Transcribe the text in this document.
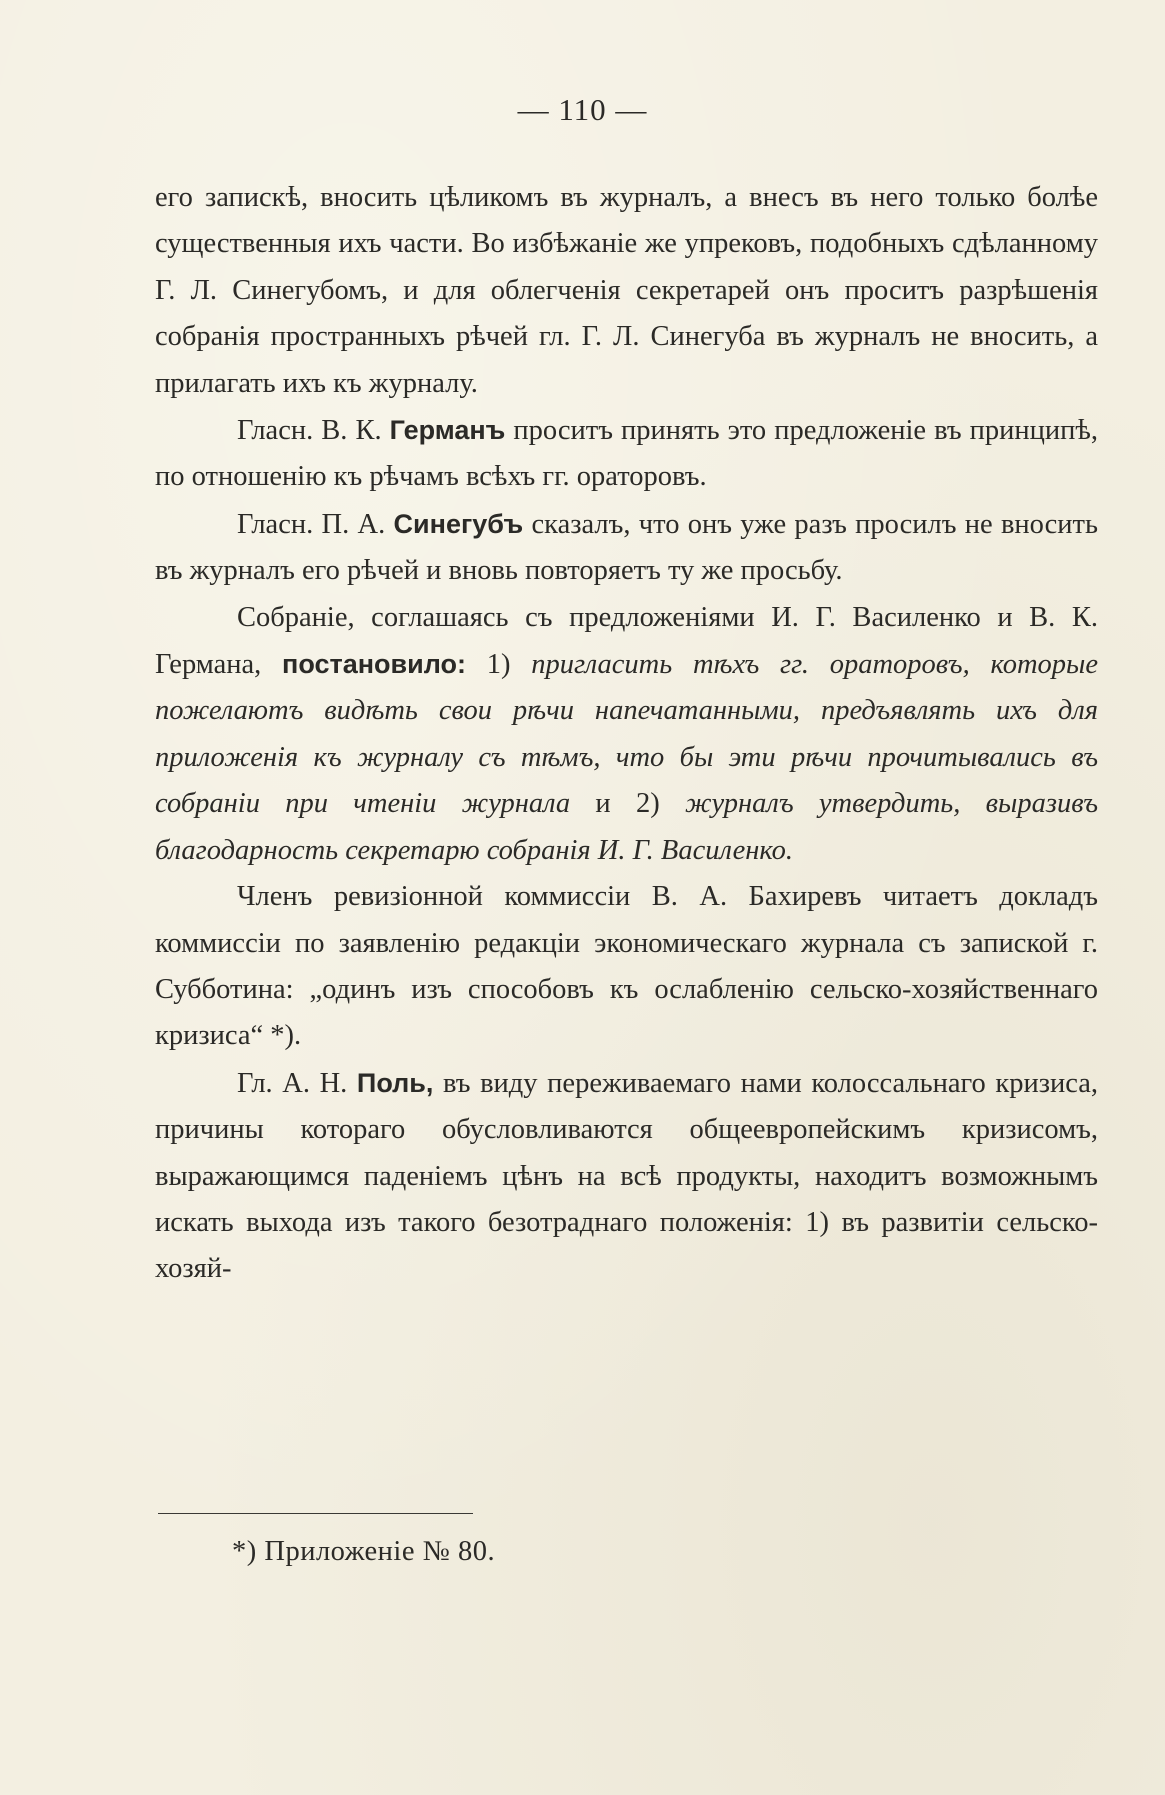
— 110 —

его запискѣ, вносить цѣликомъ въ журналъ, а внесъ въ него только болѣе существенныя ихъ части. Во избѣжаніе же упрековъ, подобныхъ сдѣланному Г. Л. Синегубомъ, и для облегченія секретарей онъ проситъ разрѣшенія собранія пространныхъ рѣчей гл. Г. Л. Синегуба въ журналъ не вносить, а прилагать ихъ къ журналу.

Гласн. В. К. Германъ проситъ принять это предложеніе въ принципѣ, по отношенію къ рѣчамъ всѣхъ гг. ораторовъ.

Гласн. П. А. Синегубъ сказалъ, что онъ уже разъ просилъ не вносить въ журналъ его рѣчей и вновь повторяетъ ту же просьбу.

Собраніе, соглашаясь съ предложеніями И. Г. Василенко и В. К. Германа, постановило: 1) пригласить тѣхъ гг. ораторовъ, которые пожелаютъ видѣть свои рѣчи напечатанными, предъявлять ихъ для приложенія къ журналу съ тѣмъ, что бы эти рѣчи прочитывались въ собраніи при чтеніи журнала и 2) журналъ утвердить, выразивъ благодарность секретарю собранія И. Г. Василенко.

Членъ ревизіонной коммиссіи В. А. Бахиревъ читаетъ докладъ коммиссіи по заявленію редакціи экономическаго журнала съ запиской г. Субботина: „одинъ изъ способовъ къ ослабленію сельско-хозяйственнаго кризиса“ *).

Гл. А. Н. Поль, въ виду переживаемаго нами колоссальнаго кризиса, причины котораго обусловливаются общеевропейскимъ кризисомъ, выражающимся паденіемъ цѣнъ на всѣ продукты, находитъ возможнымъ искать выхода изъ такого безотраднаго положенія: 1) въ развитіи сельско-хозяй-

*) Приложеніе № 80.
